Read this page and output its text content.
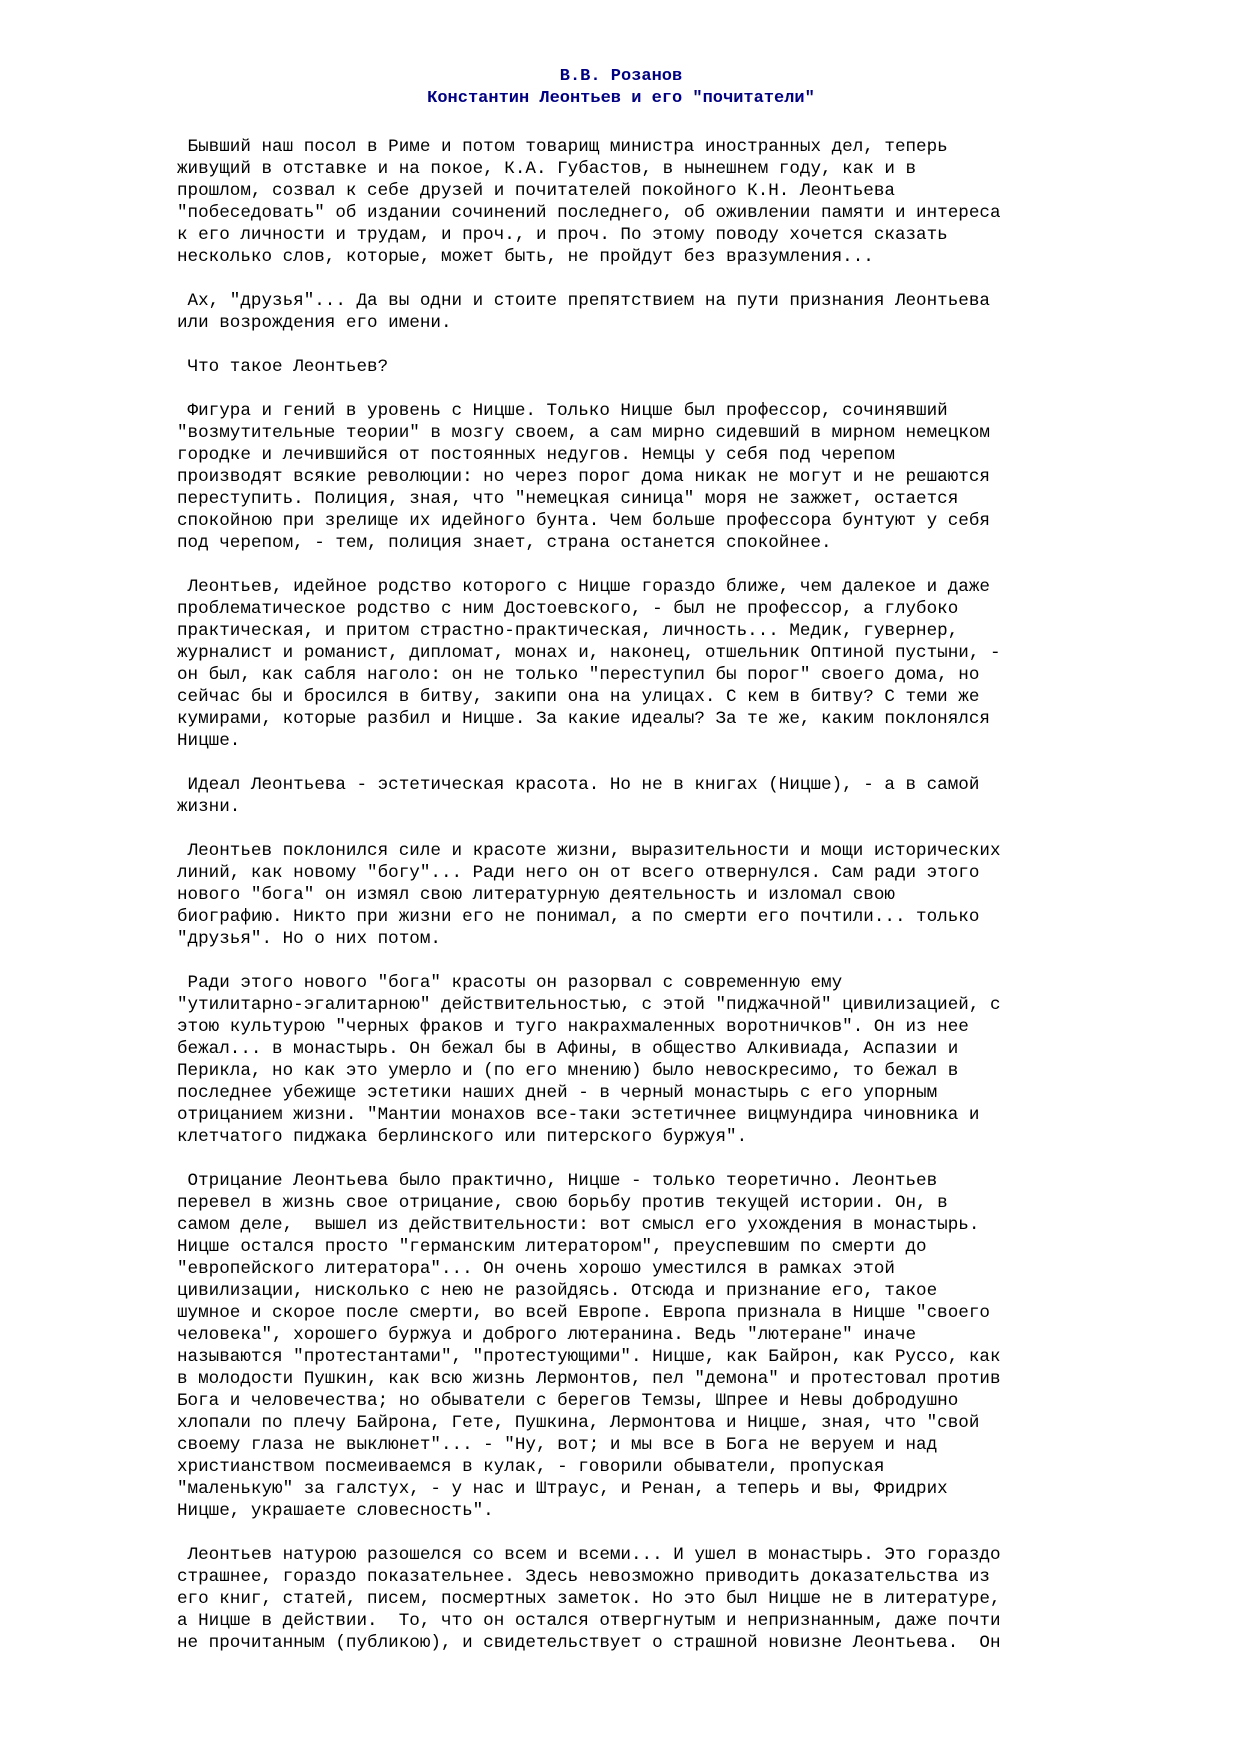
В.В. Розанов
Константин Леонтьев и его "почитатели"

Бывший наш посол в Риме и потом товарищ министра иностранных дел, теперь
живущий в отставке и на покое, К.А. Губастов, в нынешнем году, как и в
прошлом, созвал к себе друзей и почитателей покойного К.Н. Леонтьева
"побеседовать" об издании сочинений последнего, об оживлении памяти и интереса
к его личности и трудам, и проч., и проч. По этому поводу хочется сказать
несколько слов, которые, может быть, не пройдут без вразумления...

Ах, "друзья"... Да вы одни и стоите препятствием на пути признания Леонтьева
или возрождения его имени.

Что такое Леонтьев?

Фигура и гений в уровень с Ницше. Только Ницше был профессор, сочинявший
"возмутительные теории" в мозгу своем, а сам мирно сидевший в мирном немецком
городке и лечившийся от постоянных недугов. Немцы у себя под черепом
производят всякие революции: но через порог дома никак не могут и не решаются
переступить. Полиция, зная, что "немецкая синица" моря не зажжет, остается
спокойною при зрелище их идейного бунта. Чем больше профессора бунтуют у себя
под черепом, - тем, полиция знает, страна останется спокойнее.

Леонтьев, идейное родство которого с Ницше гораздо ближе, чем далекое и даже
проблематическое родство с ним Достоевского, - был не профессор, а глубоко
практическая, и притом страстно-практическая, личность... Медик, гувернер,
журналист и романист, дипломат, монах и, наконец, отшельник Оптиной пустыни, -
он был, как сабля наголо: он не только "переступил бы порог" своего дома, но
сейчас бы и бросился в битву, закипи она на улицах. С кем в битву? С теми же
кумирами, которые разбил и Ницше. За какие идеалы? За те же, каким поклонялся
Ницше.

Идеал Леонтьева - эстетическая красота. Но не в книгах (Ницше), - а в самой
жизни.

Леонтьев поклонился силе и красоте жизни, выразительности и мощи исторических
линий, как новому "богу"... Ради него он от всего отвернулся. Сам ради этого
нового "бога" он измял свою литературную деятельность и изломал свою
биографию. Никто при жизни его не понимал, а по смерти его почтили... только
"друзья". Но о них потом.

Ради этого нового "бога" красоты он разорвал с современную ему
"утилитарно-эгалитарною" действительностью, с этой "пиджачной" цивилизацией, с
этою культурою "черных фраков и туго накрахмаленных воротничков". Он из нее
бежал... в монастырь. Он бежал бы в Афины, в общество Алкивиада, Аспазии и
Перикла, но как это умерло и (по его мнению) было невоскресимо, то бежал в
последнее убежище эстетики наших дней - в черный монастырь с его упорным
отрицанием жизни. "Мантии монахов все-таки эстетичнее вицмундира чиновника и
клетчатого пиджака берлинского или питерского буржуя".

Отрицание Леонтьева было практично, Ницше - только теоретично. Леонтьев
перевел в жизнь свое отрицание, свою борьбу против текущей истории. Он, в
самом деле,  вышел из действительности: вот смысл его ухождения в монастырь.
Ницше остался просто "германским литератором", преуспевшим по смерти до
"европейского литератора"... Он очень хорошо уместился в рамках этой
цивилизации, нисколько с нею не разойдясь. Отсюда и признание его, такое
шумное и скорое после смерти, во всей Европе. Европа признала в Ницше "своего
человека", хорошего буржуа и доброго лютеранина. Ведь "лютеране" иначе
называются "протестантами", "протестующими". Ницше, как Байрон, как Руссо, как
в молодости Пушкин, как всю жизнь Лермонтов, пел "демона" и протестовал против
Бога и человечества; но обыватели с берегов Темзы, Шпрее и Невы добродушно
хлопали по плечу Байрона, Гете, Пушкина, Лермонтова и Ницше, зная, что "свой
своему глаза не выклюнет"... - "Ну, вот; и мы все в Бога не веруем и над
христианством посмеиваемся в кулак, - говорили обыватели, пропуская
"маленькую" за галстух, - у нас и Штраус, и Ренан, а теперь и вы, Фридрих
Ницше, украшаете словесность".

Леонтьев натурою разошелся со всем и всеми... И ушел в монастырь. Это гораздо
страшнее, гораздо показательнее. Здесь невозможно приводить доказательства из
его книг, статей, писем, посмертных заметок. Но это был Ницше не в литературе,
а Ницше в действии.  То, что он остался отвергнутым и непризнанным, даже почти
не прочитанным (публикою), и свидетельствует о страшной новизне Леонтьева.  Он
